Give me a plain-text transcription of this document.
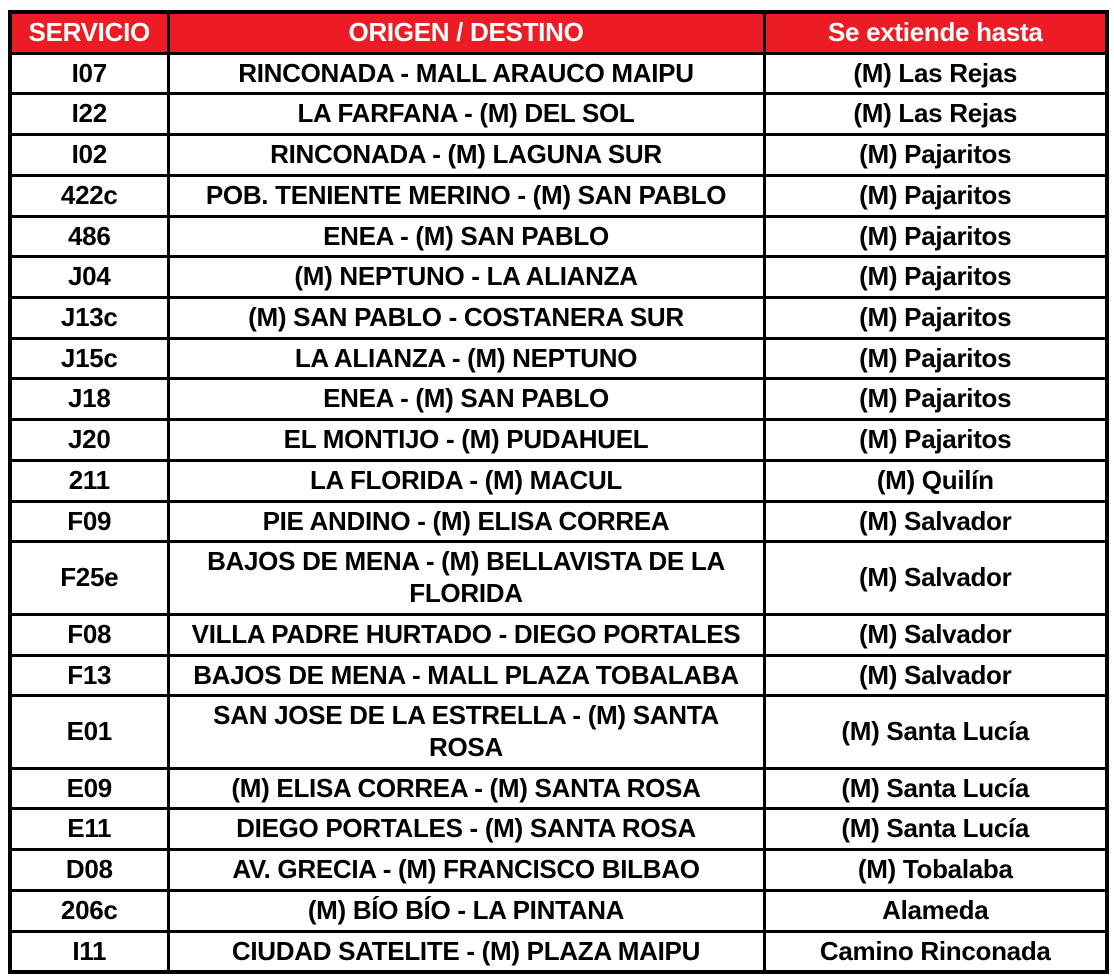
SERVICIO	ORIGEN / DESTINO	Se extiende hasta
I07	RINCONADA - MALL ARAUCO MAIPU	(M) Las Rejas
I22	LA FARFANA - (M) DEL SOL	(M) Las Rejas
I02	RINCONADA - (M) LAGUNA SUR	(M) Pajaritos
422c	POB. TENIENTE MERINO - (M) SAN PABLO	(M) Pajaritos
486	ENEA - (M) SAN PABLO	(M) Pajaritos
J04	(M) NEPTUNO - LA ALIANZA	(M) Pajaritos
J13c	(M) SAN PABLO - COSTANERA SUR	(M) Pajaritos
J15c	LA ALIANZA - (M) NEPTUNO	(M) Pajaritos
J18	ENEA - (M) SAN PABLO	(M) Pajaritos
J20	EL MONTIJO - (M) PUDAHUEL	(M) Pajaritos
211	LA FLORIDA - (M) MACUL	(M) Quilín
F09	PIE ANDINO - (M) ELISA CORREA	(M) Salvador
F25e	BAJOS DE MENA - (M) BELLAVISTA DE LA FLORIDA	(M) Salvador
F08	VILLA PADRE HURTADO - DIEGO PORTALES	(M) Salvador
F13	BAJOS DE MENA - MALL PLAZA TOBALABA	(M) Salvador
E01	SAN JOSE DE LA ESTRELLA - (M) SANTA ROSA	(M) Santa Lucía
E09	(M) ELISA CORREA - (M) SANTA ROSA	(M) Santa Lucía
E11	DIEGO PORTALES - (M) SANTA ROSA	(M) Santa Lucía
D08	AV. GRECIA - (M) FRANCISCO BILBAO	(M) Tobalaba
206c	(M) BÍO BÍO - LA PINTANA	Alameda
I11	CIUDAD SATELITE - (M) PLAZA MAIPU	Camino Rinconada
